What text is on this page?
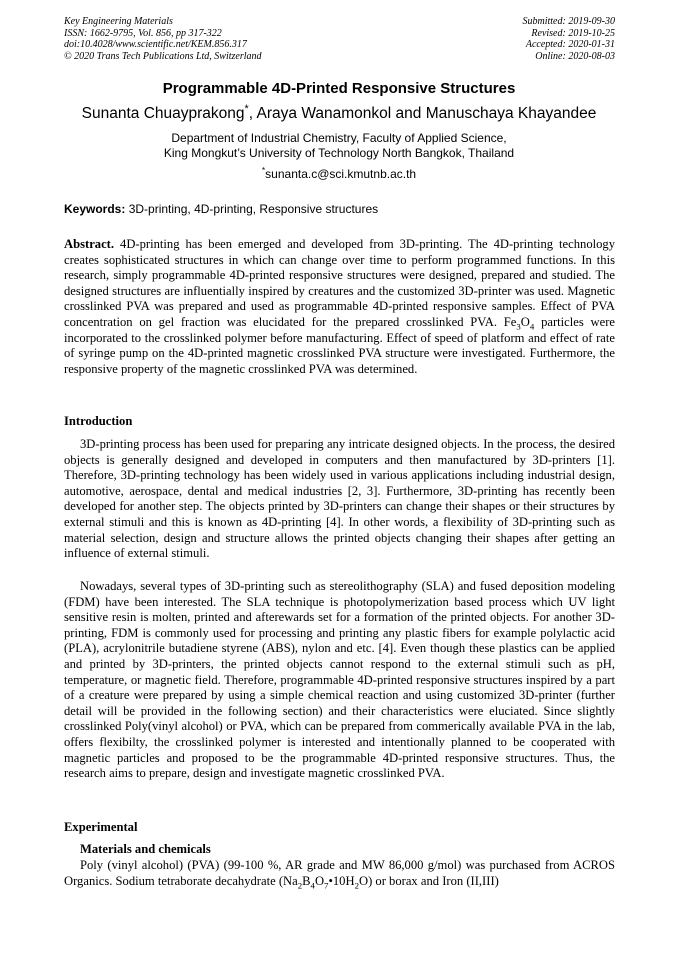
Key Engineering Materials
ISSN: 1662-9795, Vol. 856, pp 317-322
doi:10.4028/www.scientific.net/KEM.856.317
© 2020 Trans Tech Publications Ltd, Switzerland
Submitted: 2019-09-30
Revised: 2019-10-25
Accepted: 2020-01-31
Online: 2020-08-03
Programmable 4D-Printed Responsive Structures
Sunanta Chuayprakong*, Araya Wanamonkol and Manuschaya Khayandee
Department of Industrial Chemistry, Faculty of Applied Science,
King Mongkut’s University of Technology North Bangkok, Thailand
*sunanta.c@sci.kmutnb.ac.th
Keywords: 3D-printing, 4D-printing, Responsive structures
Abstract. 4D-printing has been emerged and developed from 3D-printing. The 4D-printing technology creates sophisticated structures in which can change over time to perform programmed functions. In this research, simply programmable 4D-printed responsive structures were designed, prepared and studied. The designed structures are influentially inspired by creatures and the customized 3D-printer was used. Magnetic crosslinked PVA was prepared and used as programmable 4D-printed responsive samples. Effect of PVA concentration on gel fraction was elucidated for the prepared crosslinked PVA. $Fe_3O_4$ particles were incorporated to the crosslinked polymer before manufacturing. Effect of speed of platform and effect of rate of syringe pump on the 4D-printed magnetic crosslinked PVA structure were investigated. Furthermore, the responsive property of the magnetic crosslinked PVA was determined.
Introduction
3D-printing process has been used for preparing any intricate designed objects. In the process, the desired objects is generally designed and developed in computers and then manufactured by 3D-printers [1]. Therefore, 3D-printing technology has been widely used in various applications including industrial design, automotive, aerospace, dental and medical industries [2, 3]. Furthermore, 3D-printing has recently been developed for another step. The objects printed by 3D-printers can change their shapes or their structures by external stimuli and this is known as 4D-printing [4]. In other words, a flexibility of 3D-printing such as material selection, design and structure allows the printed objects changing their shapes after getting an influence of external stimuli.
Nowadays, several types of 3D-printing such as stereolithography (SLA) and fused deposition modeling (FDM) have been interested. The SLA technique is photopolymerization based process which UV light sensitive resin is molten, printed and afterewards set for a formation of the printed objects. For another 3D-printing, FDM is commonly used for processing and printing any plastic fibers for example polylactic acid (PLA), acrylonitrile butadiene styrene (ABS), nylon and etc. [4]. Even though these plastics can be applied and printed by 3D-printers, the printed objects cannot respond to the external stimuli such as pH, temperature, or magnetic field. Therefore, programmable 4D-printed responsive structures inspired by a part of a creature were prepared by using a simple chemical reaction and using customized 3D-printer (further detail will be provided in the following section) and their characteristics were eluciated. Since slightly crosslinked Poly(vinyl alcohol) or PVA, which can be prepared from commerically available PVA in the lab, offers flexibilty, the crosslinked polymer is interested and intentionally planned to be cooperated with magnetic particles and proposed to be the programmable 4D-printed responsive structures. Thus, the research aims to prepare, design and investigate magnetic crosslinked PVA.
Experimental
Materials and chemicals
Poly (vinyl alcohol) (PVA) (99-100 %, AR grade and MW 86,000 g/mol) was purchased from ACROS Organics. Sodium tetraborate decahydrate $(Na_2B_4O_7•10H_2O)$ or borax and Iron (II,III)
